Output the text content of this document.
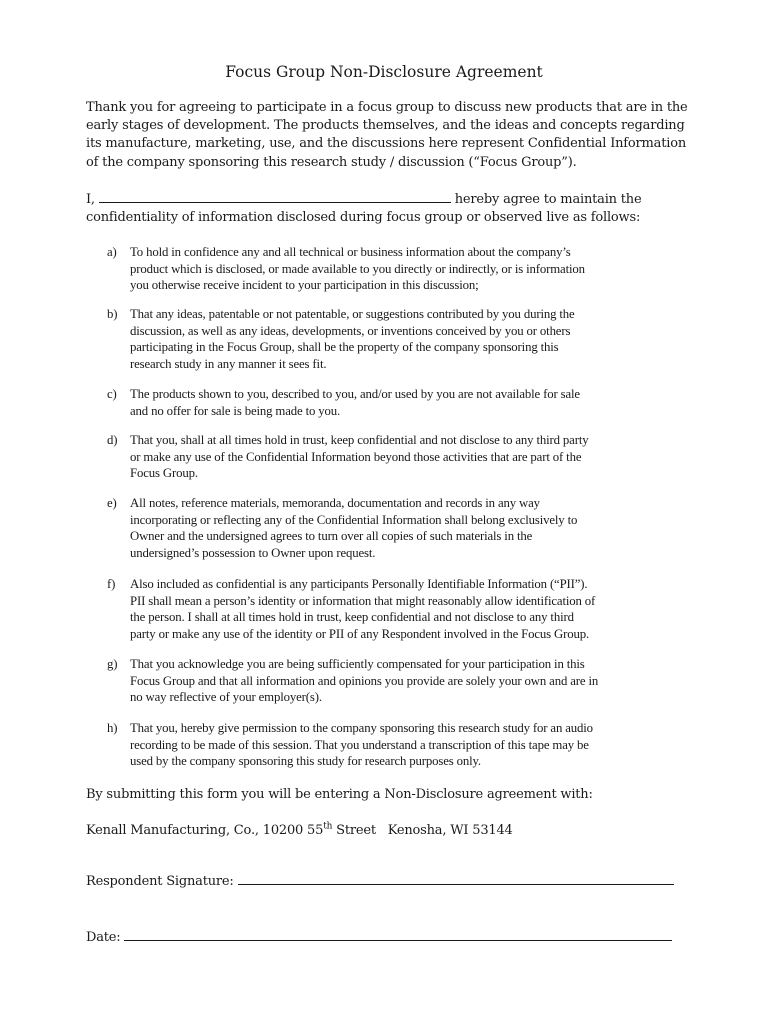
Focus Group Non-Disclosure Agreement
Thank you for agreeing to participate in a focus group to discuss new products that are in the
early stages of development. The products themselves, and the ideas and concepts regarding
its manufacture, marketing, use, and the discussions here represent Confidential Information
of the company sponsoring this research study / discussion (“Focus Group”).
I,	hereby agree to maintain the
confidentiality of information disclosed during focus group or observed live as follows:
a) To hold in confidence any and all technical or business information about the company’s
product which is disclosed, or made available to you directly or indirectly, or is information
you otherwise receive incident to your participation in this discussion;
b) That any ideas, patentable or not patentable, or suggestions contributed by you during the
discussion, as well as any ideas, developments, or inventions conceived by you or others
participating in the Focus Group, shall be the property of the company sponsoring this
research study in any manner it sees fit.
c) The products shown to you, described to you, and/or used by you are not available for sale
and no offer for sale is being made to you.
d) That you, shall at all times hold in trust, keep confidential and not disclose to any third party
or make any use of the Confidential Information beyond those activities that are part of the
Focus Group.
e) All notes, reference materials, memoranda, documentation and records in any way
incorporating or reflecting any of the Confidential Information shall belong exclusively to
Owner and the undersigned agrees to turn over all copies of such materials in the
undersigned’s possession to Owner upon request.
f) Also included as confidential is any participants Personally Identifiable Information (“PII”).
PII shall mean a person’s identity or information that might reasonably allow identification of
the person. I shall at all times hold in trust, keep confidential and not disclose to any third
party or make any use of the identity or PII of any Respondent involved in the Focus Group.
g) That you acknowledge you are being sufficiently compensated for your participation in this
Focus Group and that all information and opinions you provide are solely your own and are in
no way reflective of your employer(s).
h) That you, hereby give permission to the company sponsoring this research study for an audio
recording to be made of this session. That you understand a transcription of this tape may be
used by the company sponsoring this study for research purposes only.
By submitting this form you will be entering a Non-Disclosure agreement with:
Kenall Manufacturing, Co., 10200 55th Street Kenosha, WI 53144
Respondent Signature:
Date:
